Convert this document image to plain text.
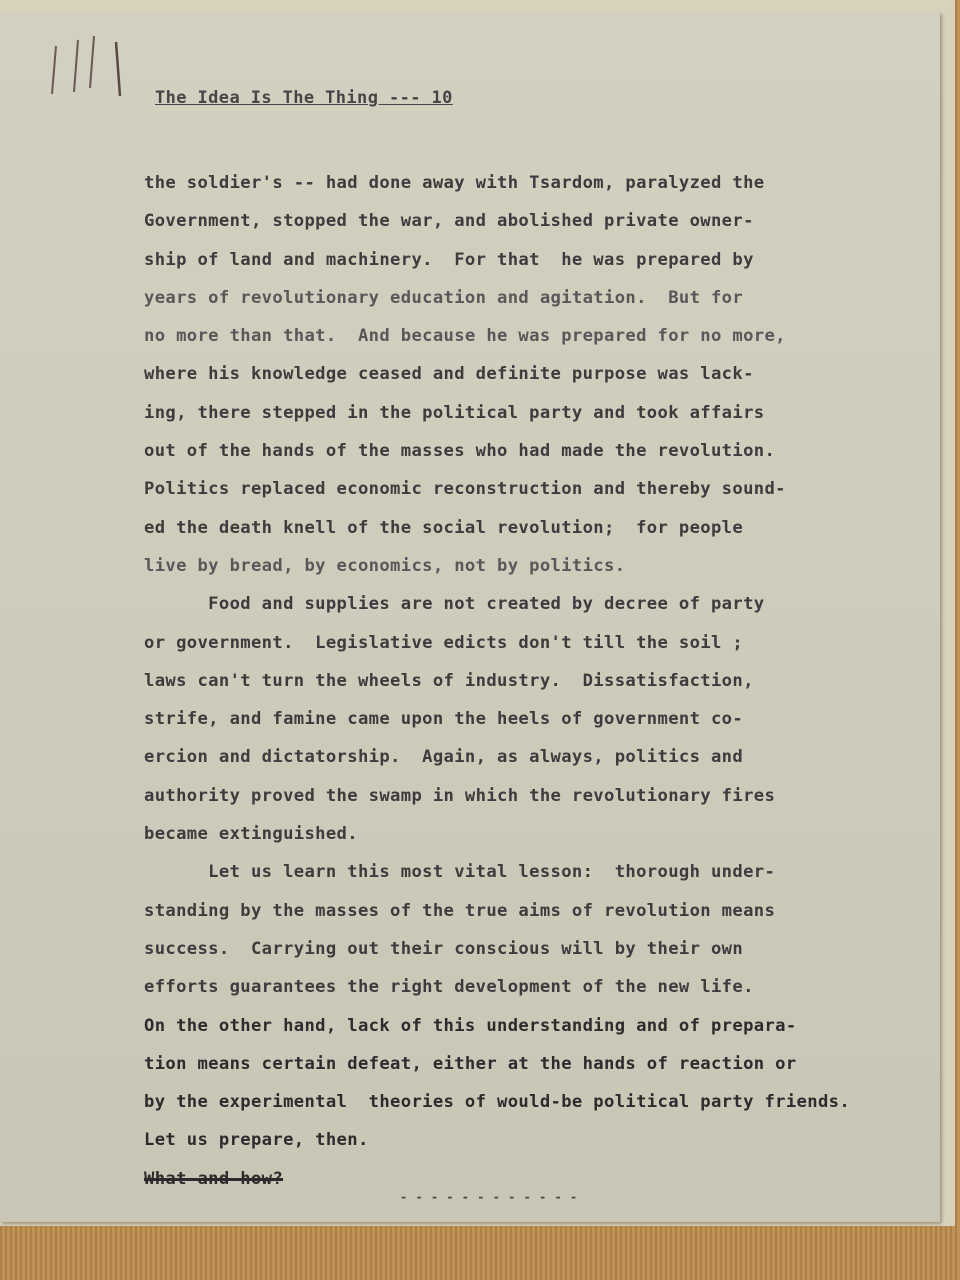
The Idea Is The Thing --- 10
the soldier's -- had done away with Tsardom, paralyzed the
Government, stopped the war, and abolished private owner-
ship of land and machinery.  For that  he was prepared by
years of revolutionary education and agitation.  But for
no more than that.  And because he was prepared for no more,
where his knowledge ceased and definite purpose was lack-
ing, there stepped in the political party and took affairs
out of the hands of the masses who had made the revolution.
Politics replaced economic reconstruction and thereby sound-
ed the death knell of the social revolution;  for people
live by bread, by economics, not by politics.
Food and supplies are not created by decree of party
or government.  Legislative edicts don't till the soil ;
laws can't turn the wheels of industry.  Dissatisfaction,
strife, and famine came upon the heels of government co-
ercion and dictatorship.  Again, as always, politics and
authority proved the swamp in which the revolutionary fires
became extinguished.
Let us learn this most vital lesson:  thorough under-
standing by the masses of the true aims of revolution means
success.  Carrying out their conscious will by their own
efforts guarantees the right development of the new life.
On the other hand, lack of this understanding and of prepara-
tion means certain defeat, either at the hands of reaction or
by the experimental  theories of would-be political party friends.
Let us prepare, then.
What and how?
- - - - - - - - - - - -
